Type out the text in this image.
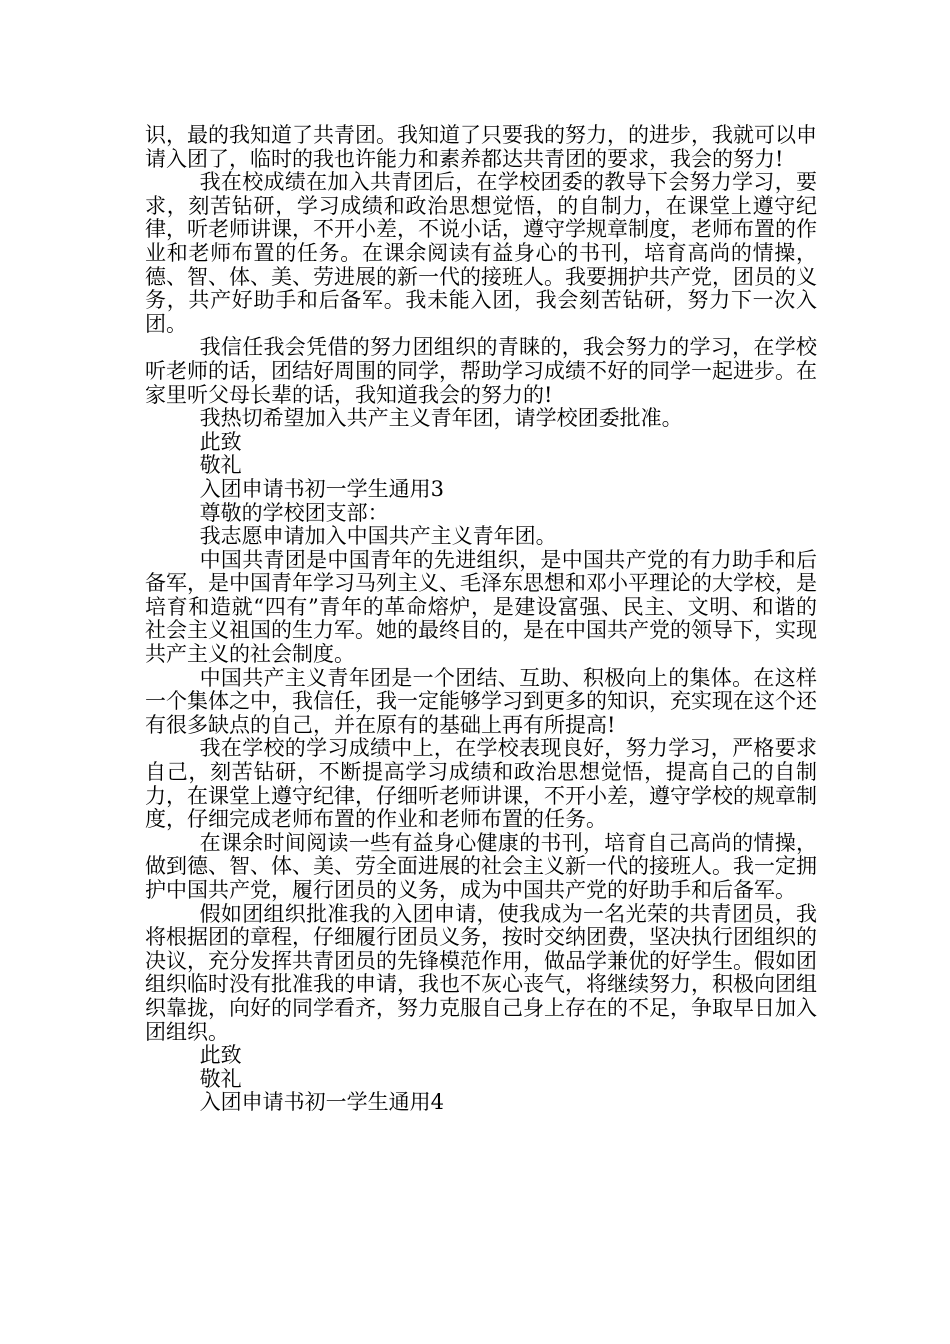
识，最的我知道了共青团。我知道了只要我的努力，的进步，我就可以申请入团了，临时的我也许能力和素养都达共青团的要求，我会的努力!

我在校成绩在加入共青团后，在学校团委的教导下会努力学习，要求，刻苦钻研，学习成绩和政治思想觉悟，的自制力，在课堂上遵守纪律，听老师讲课，不开小差，不说小话，遵守学规章制度，老师布置的作业和老师布置的任务。在课余阅读有益身心的书刊，培育高尚的情操，德、智、体、美、劳进展的新一代的接班人。我要拥护共产党，团员的义务，共产好助手和后备军。我未能入团，我会刻苦钻研，努力下一次入团。

我信任我会凭借的努力团组织的青睐的，我会努力的学习，在学校听老师的话，团结好周围的同学，帮助学习成绩不好的同学一起进步。在家里听父母长辈的话，我知道我会的努力的!

我热切希望加入共产主义青年团，请学校团委批准。

此致

敬礼

入团申请书初一学生通用3

尊敬的学校团支部：

我志愿申请加入中国共产主义青年团。

中国共青团是中国青年的先进组织，是中国共产党的有力助手和后备军，是中国青年学习马列主义、毛泽东思想和邓小平理论的大学校，是培育和造就“四有”青年的革命熔炉，是建设富强、民主、文明、和谐的社会主义祖国的生力军。她的最终目的，是在中国共产党的领导下，实现共产主义的社会制度。

中国共产主义青年团是一个团结、互助、积极向上的集体。在这样一个集体之中，我信任，我一定能够学习到更多的知识，充实现在这个还有很多缺点的自己，并在原有的基础上再有所提高!

我在学校的学习成绩中上，在学校表现良好，努力学习，严格要求自己，刻苦钻研，不断提高学习成绩和政治思想觉悟，提高自己的自制力，在课堂上遵守纪律，仔细听老师讲课，不开小差，遵守学校的规章制度，仔细完成老师布置的作业和老师布置的任务。

在课余时间阅读一些有益身心健康的书刊，培育自己高尚的情操，做到德、智、体、美、劳全面进展的社会主义新一代的接班人。我一定拥护中国共产党，履行团员的义务，成为中国共产党的好助手和后备军。

假如团组织批准我的入团申请，使我成为一名光荣的共青团员，我将根据团的章程，仔细履行团员义务，按时交纳团费，坚决执行团组织的决议，充分发挥共青团员的先锋模范作用，做品学兼优的好学生。假如团组织临时没有批准我的申请，我也不灰心丧气，将继续努力，积极向团组织靠拢，向好的同学看齐，努力克服自己身上存在的不足，争取早日加入团组织。

此致

敬礼

入团申请书初一学生通用4
